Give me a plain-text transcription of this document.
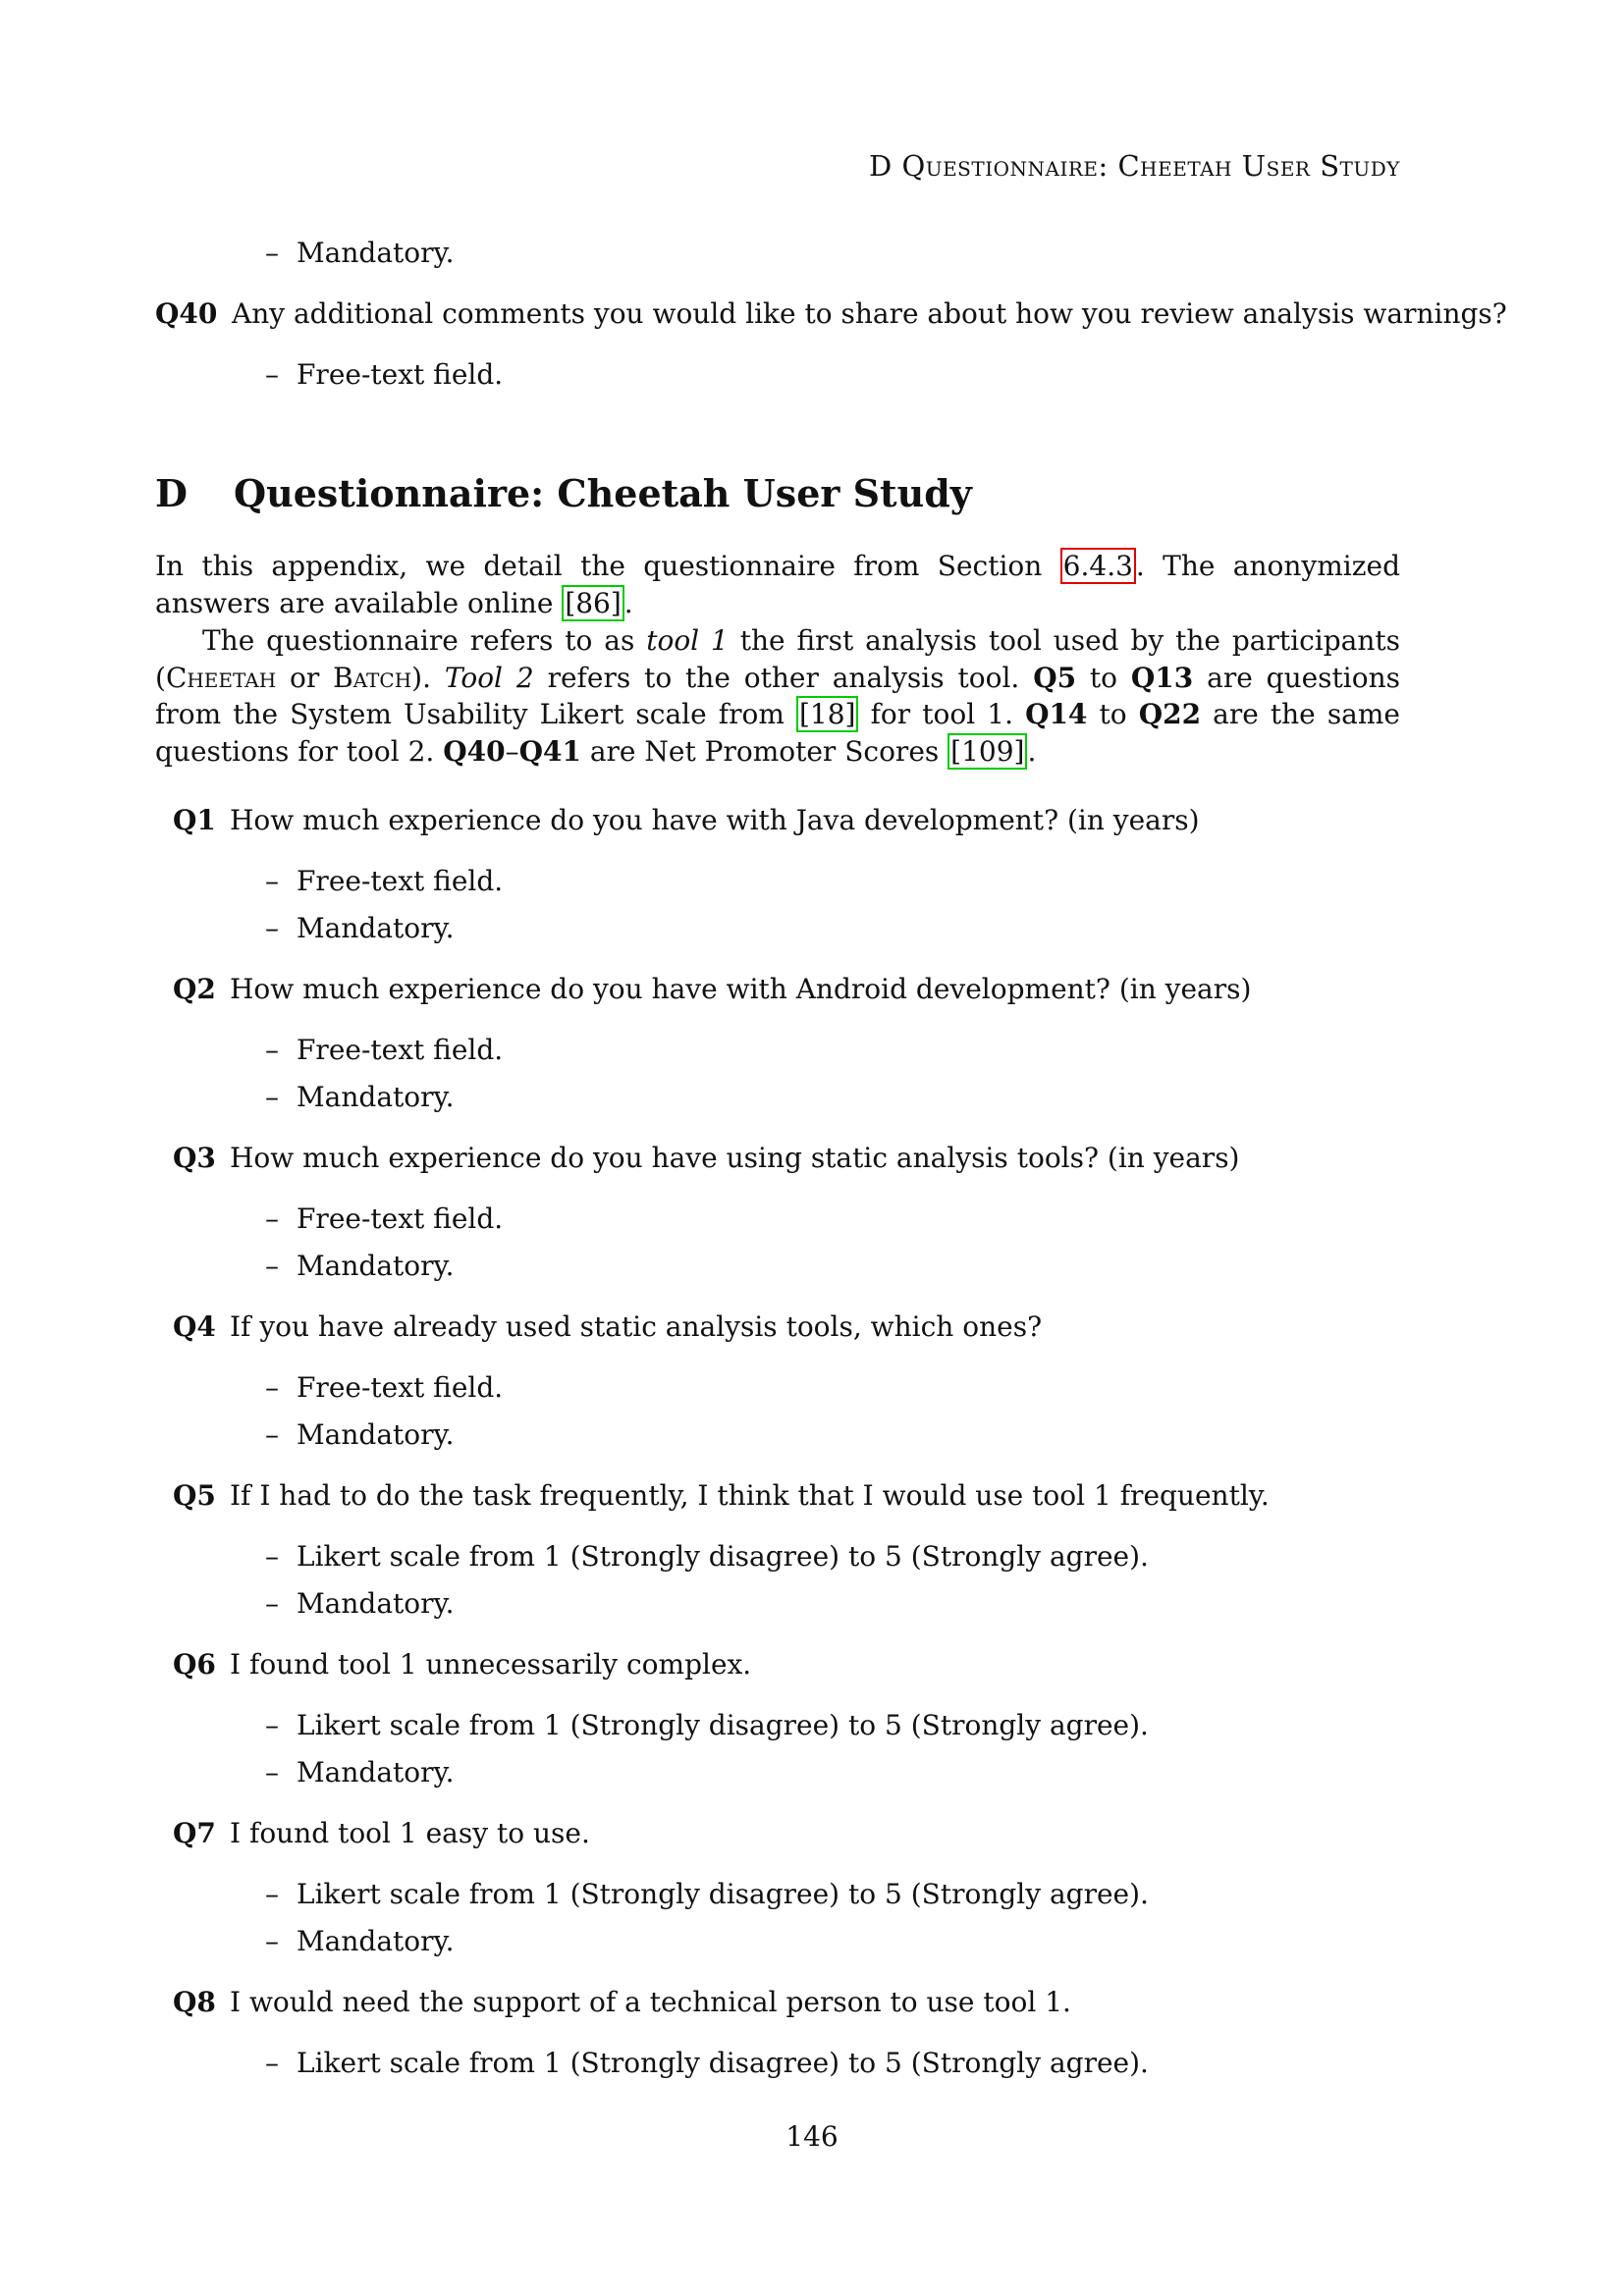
D Questionnaire: Cheetah User Study
– Mandatory.
Q40 Any additional comments you would like to share about how you review analysis warnings?
– Free-text field.
D Questionnaire: Cheetah User Study
In this appendix, we detail the questionnaire from Section 6.4.3 . The anonymized answers are available online [86] .
The questionnaire refers to as tool 1 the first analysis tool used by the participants (Cheetah or Batch). Tool 2 refers to the other analysis tool. Q5 to Q13 are questions from the System Usability Likert scale from [18] for tool 1. Q14 to Q22 are the same questions for tool 2. Q40–Q41 are Net Promoter Scores [109] .
Q1 How much experience do you have with Java development? (in years)
– Free-text field.
– Mandatory.
Q2 How much experience do you have with Android development? (in years)
– Free-text field.
– Mandatory.
Q3 How much experience do you have using static analysis tools? (in years)
– Free-text field.
– Mandatory.
Q4 If you have already used static analysis tools, which ones?
– Free-text field.
– Mandatory.
Q5 If I had to do the task frequently, I think that I would use tool 1 frequently.
– Likert scale from 1 (Strongly disagree) to 5 (Strongly agree).
– Mandatory.
Q6 I found tool 1 unnecessarily complex.
– Likert scale from 1 (Strongly disagree) to 5 (Strongly agree).
– Mandatory.
Q7 I found tool 1 easy to use.
– Likert scale from 1 (Strongly disagree) to 5 (Strongly agree).
– Mandatory.
Q8 I would need the support of a technical person to use tool 1.
– Likert scale from 1 (Strongly disagree) to 5 (Strongly agree).
146
